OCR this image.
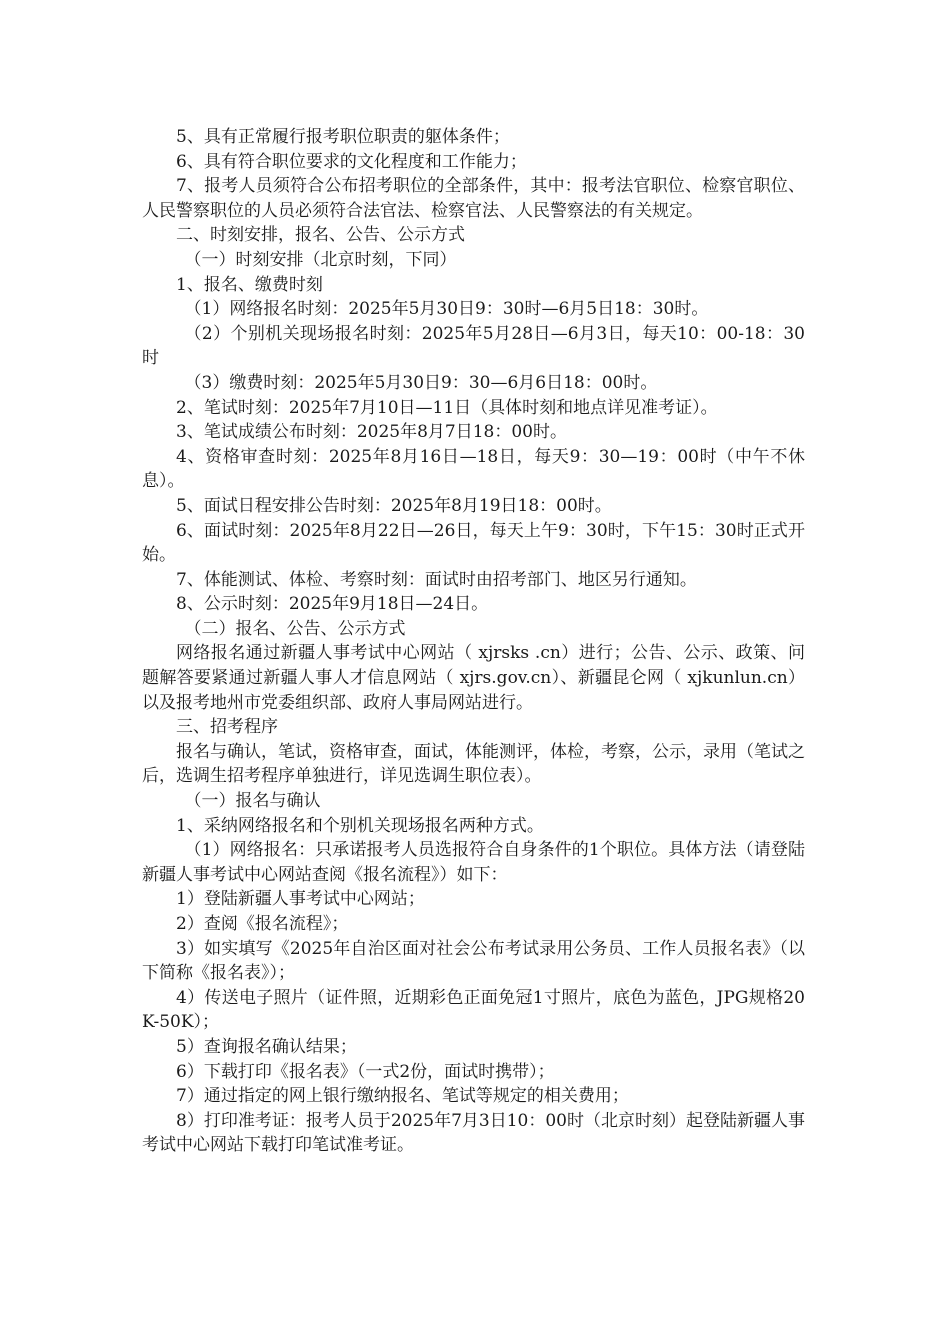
5、具有正常履行报考职位职责的躯体条件；

6、具有符合职位要求的文化程度和工作能力；

7、报考人员须符合公布招考职位的全部条件，其中：报考法官职位、检察官职位、人民警察职位的人员必须符合法官法、检察官法、人民警察法的有关规定。

二、时刻安排，报名、公告、公示方式

（一）时刻安排（北京时刻，下同）

1、报名、缴费时刻

（1）网络报名时刻：2025年5月30日9：30时—6月5日18：30时。

（2）个别机关现场报名时刻：2025年5月28日—6月3日，每天10：00-18：30时

（3）缴费时刻：2025年5月30日9：30—6月6日18：00时。

2、笔试时刻：2025年7月10日—11日（具体时刻和地点详见准考证）。

3、笔试成绩公布时刻：2025年8月7日18：00时。

4、资格审查时刻：2025年8月16日—18日，每天9：30—19：00时（中午不休息）。

5、面试日程安排公告时刻：2025年8月19日18：00时。

6、面试时刻：2025年8月22日—26日，每天上午9：30时，下午15：30时正式开始。

7、体能测试、体检、考察时刻：面试时由招考部门、地区另行通知。

8、公示时刻：2025年9月18日—24日。

（二）报名、公告、公示方式

网络报名通过新疆人事考试中心网站（ xjrsks .cn）进行；公告、公示、政策、问题解答要紧通过新疆人事人才信息网站（ xjrs.gov.cn）、新疆昆仑网（ xjkunlun.cn）以及报考地州市党委组织部、政府人事局网站进行。

三、招考程序

报名与确认，笔试，资格审查，面试，体能测评，体检，考察，公示，录用（笔试之后，选调生招考程序单独进行，详见选调生职位表）。

（一）报名与确认

1、采纳网络报名和个别机关现场报名两种方式。

（1）网络报名：只承诺报考人员选报符合自身条件的1个职位。具体方法（请登陆新疆人事考试中心网站查阅《报名流程》）如下：

1）登陆新疆人事考试中心网站；

2）查阅《报名流程》；

3）如实填写《2025年自治区面对社会公布考试录用公务员、工作人员报名表》（以下简称《报名表》）；

4）传送电子照片（证件照，近期彩色正面免冠1寸照片，底色为蓝色，JPG规格20K-50K）；

5）查询报名确认结果；

6）下载打印《报名表》（一式2份，面试时携带）；

7）通过指定的网上银行缴纳报名、笔试等规定的相关费用；

8）打印准考证：报考人员于2025年7月3日10：00时（北京时刻）起登陆新疆人事考试中心网站下载打印笔试准考证。
